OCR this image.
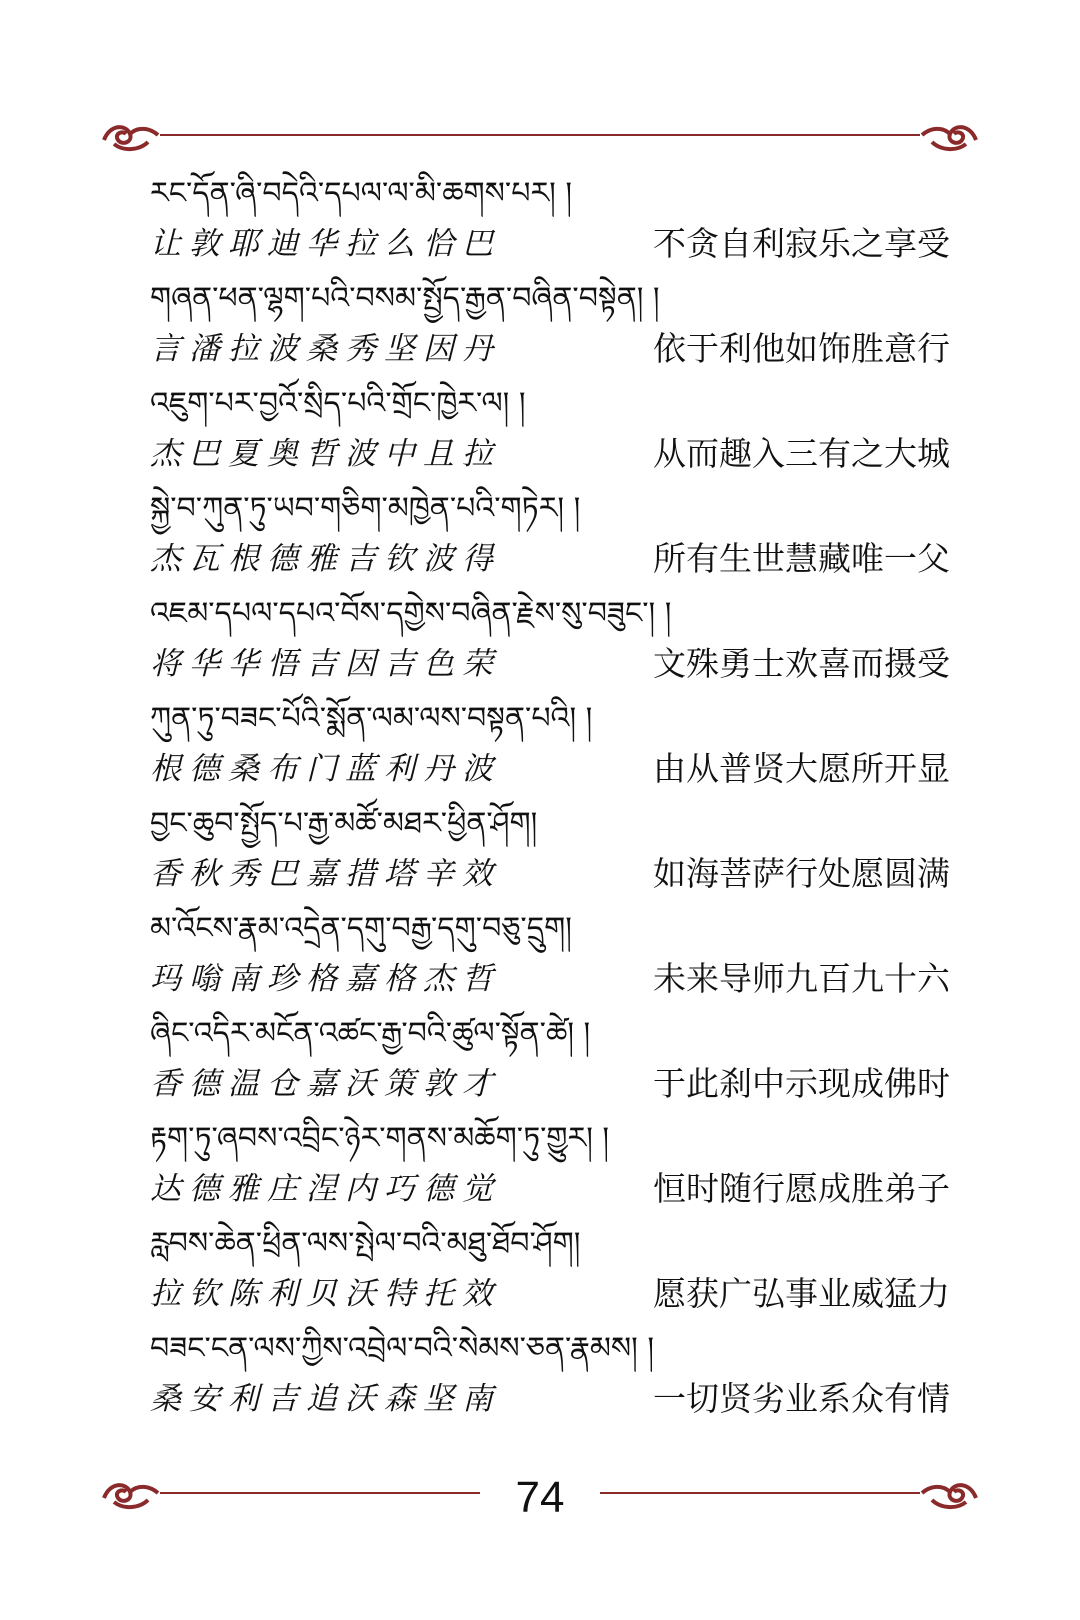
རང་དོན་ཞི་བདེའི་དཔལ་ལ་མི་ཆགས་པར། །
让敦耶迪华拉么恰巴	不贪自利寂乐之享受
གཞན་ཕན་ལྷག་པའི་བསམ་སྤྱོད་རྒྱན་བཞིན་བསྟེན། །
言潘拉波桑秀坚因丹	依于利他如饰胜意行
འཇུག་པར་བྱའོ་སྲིད་པའི་གྲོང་ཁྱེར་ལ། །
杰巴夏奥哲波中且拉	从而趣入三有之大城
སྐྱེ་བ་ཀུན་ཏུ་ཡབ་གཅིག་མཁྱེན་པའི་གཏེར། །
杰瓦根德雅吉钦波得	所有生世慧藏唯一父
འཇམ་དཔལ་དཔའ་བོས་དགྱེས་བཞིན་རྗེས་སུ་བཟུང་། །
将华华悟吉因吉色荣	文殊勇士欢喜而摄受
ཀུན་ཏུ་བཟང་པོའི་སྨོན་ལམ་ལས་བསྟན་པའི། །
根德桑布门蓝利丹波	由从普贤大愿所开显
བྱང་ཆུབ་སྤྱོད་པ་རྒྱ་མཚོ་མཐར་ཕྱིན་ཤོག།
香秋秀巴嘉措塔辛效	如海菩萨行处愿圆满
མ་འོངས་རྣམ་འདྲེན་དགུ་བརྒྱ་དགུ་བཅུ་དྲུག།
玛嗡南珍格嘉格杰哲	未来导师九百九十六
ཞིང་འདིར་མངོན་འཚང་རྒྱ་བའི་ཚུལ་སྟོན་ཚེ། །
香德温仓嘉沃策敦才	于此刹中示现成佛时
རྟག་ཏུ་ཞབས་འབྲིང་ཉེར་གནས་མཆོག་ཏུ་གྱུར། །
达德雅庄涅内巧德觉	恒时随行愿成胜弟子
རླབས་ཆེན་ཕྲིན་ལས་སྤེལ་བའི་མཐུ་ཐོབ་ཤོག།
拉钦陈利贝沃特托效	愿获广弘事业威猛力
བཟང་ངན་ལས་ཀྱིས་འབྲེལ་བའི་སེམས་ཅན་རྣམས། །
桑安利吉追沃森坚南	一切贤劣业系众有情
74
